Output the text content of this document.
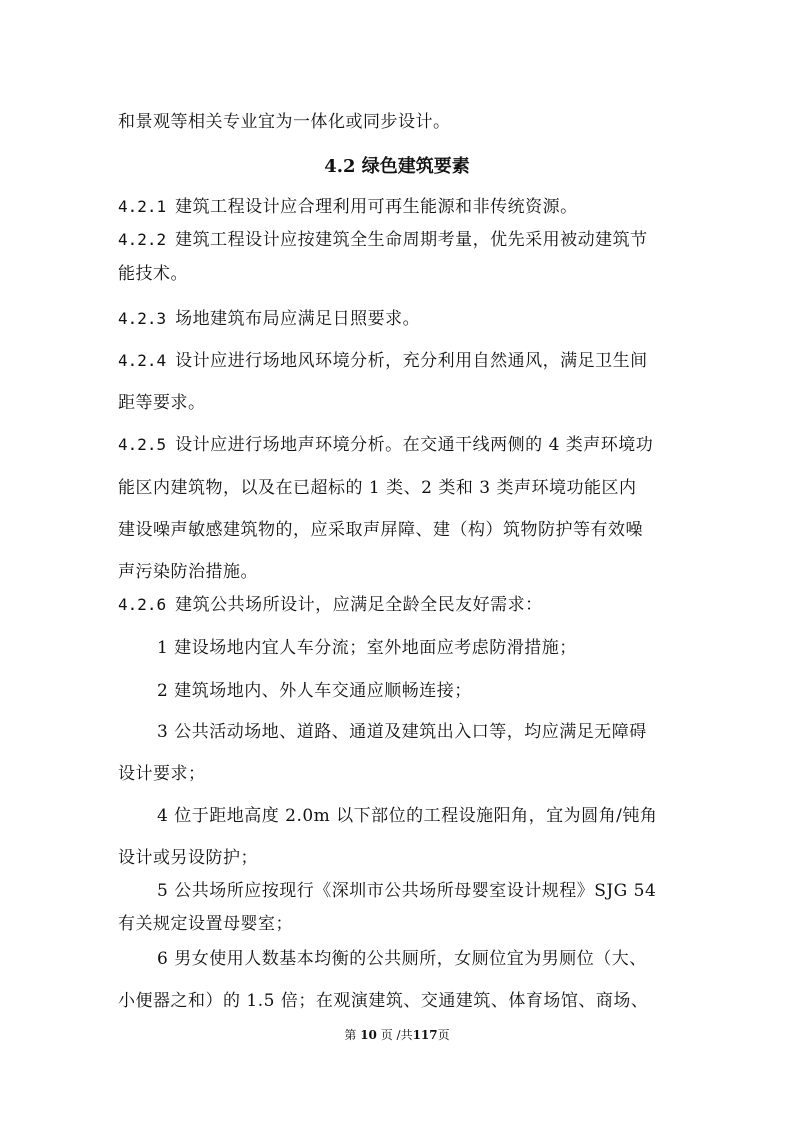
和景观等相关专业宜为一体化或同步设计。
4.2 绿色建筑要素
4.2.1 建筑工程设计应合理利用可再生能源和非传统资源。
4.2.2 建筑工程设计应按建筑全生命周期考量，优先采用被动建筑节
能技术。
4.2.3 场地建筑布局应满足日照要求。
4.2.4 设计应进行场地风环境分析，充分利用自然通风，满足卫生间
距等要求。
4.2.5 设计应进行场地声环境分析。在交通干线两侧的 4 类声环境功
能区内建筑物，以及在已超标的 1 类、2 类和 3 类声环境功能区内
建设噪声敏感建筑物的，应采取声屏障、建（构）筑物防护等有效噪
声污染防治措施。
4.2.6 建筑公共场所设计，应满足全龄全民友好需求：
1 建设场地内宜人车分流；室外地面应考虑防滑措施；
2 建筑场地内、外人车交通应顺畅连接；
3 公共活动场地、道路、通道及建筑出入口等，均应满足无障碍
设计要求；
4 位于距地高度 2.0m 以下部位的工程设施阳角，宜为圆角/钝角
设计或另设防护；
5 公共场所应按现行《深圳市公共场所母婴室设计规程》SJG 54
有关规定设置母婴室；
6 男女使用人数基本均衡的公共厕所，女厕位宜为男厕位（大、
小便器之和）的 1.5 倍；在观演建筑、交通建筑、体育场馆、商场、
第 10 页 /共117页
